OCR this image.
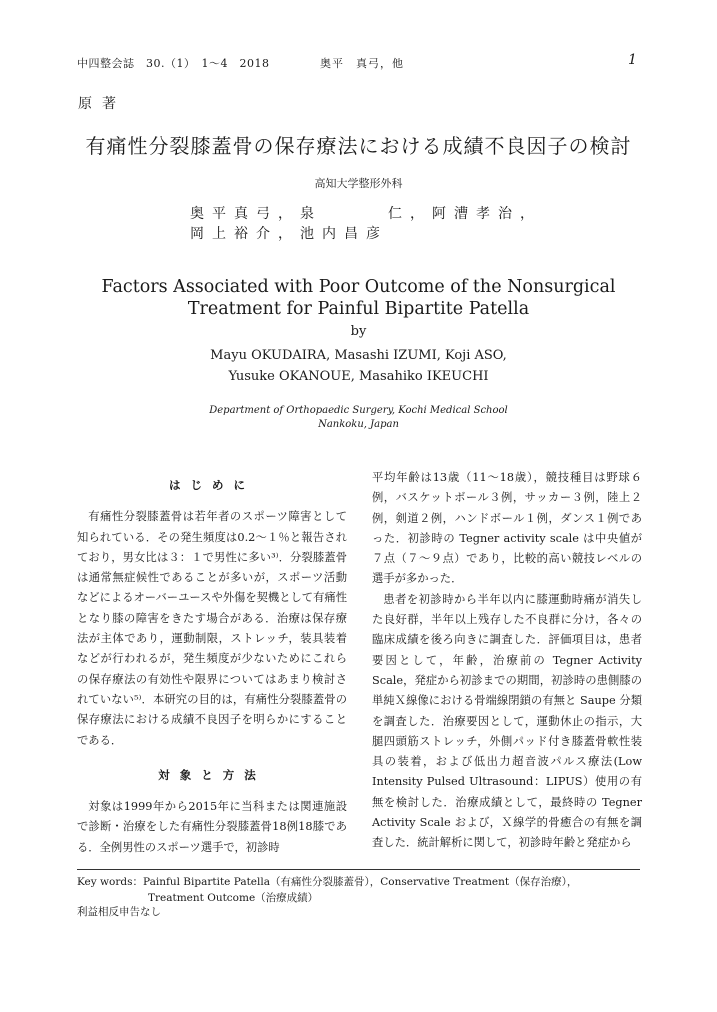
中四整会誌　30.（1）　1〜4　2018	奥平　真弓，他	1
原著
有痛性分裂膝蓋骨の保存療法における成績不良因子の検討
高知大学整形外科
奥平真弓，泉　　　仁，阿漕孝治，
岡上裕介，池内昌彦
Factors Associated with Poor Outcome of the Nonsurgical
Treatment for Painful Bipartite Patella
by
Mayu OKUDAIRA, Masashi IZUMI, Koji ASO,
Yusuke OKANOUE, Masahiko IKEUCHI
Department of Orthopaedic Surgery, Kochi Medical School
Nankoku, Japan
はじめに

有痛性分裂膝蓋骨は若年者のスポーツ障害として知られている．その発生頻度は0.2〜１％と報告されており，男女比は３：１で男性に多い³⁾．分裂膝蓋骨は通常無症候性であることが多いが，スポーツ活動などによるオーバーユースや外傷を契機として有痛性となり膝の障害をきたす場合がある．治療は保存療法が主体であり，運動制限，ストレッチ，装具装着などが行われるが，発生頻度が少ないためにこれらの保存療法の有効性や限界についてはあまり検討されていない⁵⁾．本研究の目的は，有痛性分裂膝蓋骨の保存療法における成績不良因子を明らかにすることである．

対象と方法

対象は1999年から2015年に当科または関連施設で診断・治療をした有痛性分裂膝蓋骨18例18膝である．全例男性のスポーツ選手で，初診時

平均年齢は13歳（11〜18歳），競技種目は野球６例，バスケットボール３例，サッカー３例，陸上２例，剣道２例，ハンドボール１例，ダンス１例であった．初診時の Tegner activity scale は中央値が７点（７〜９点）であり，比較的高い競技レベルの選手が多かった．

患者を初診時から半年以内に膝運動時痛が消失した良好群，半年以上残存した不良群に分け，各々の臨床成績を後ろ向きに調査した．評価項目は，患者要因として，年齢，治療前の Tegner Activity Scale，発症から初診までの期間，初診時の患側膝の単純Ｘ線像における骨端線閉鎖の有無と Saupe 分類を調査した．治療要因として，運動休止の指示，大腿四頭筋ストレッチ，外側パッド付き膝蓋骨軟性装具の装着，および低出力超音波パルス療法(Low Intensity Pulsed Ultrasound：LIPUS）使用の有無を検討した．治療成績として，最終時の Tegner Activity Scale および，Ｘ線学的骨癒合の有無を調査した．統計解析に関して，初診時年齢と発症から

Key words：Painful Bipartite Patella（有痛性分裂膝蓋骨），Conservative Treatment（保存治療），
Treatment Outcome（治療成績）
利益相反申告なし
